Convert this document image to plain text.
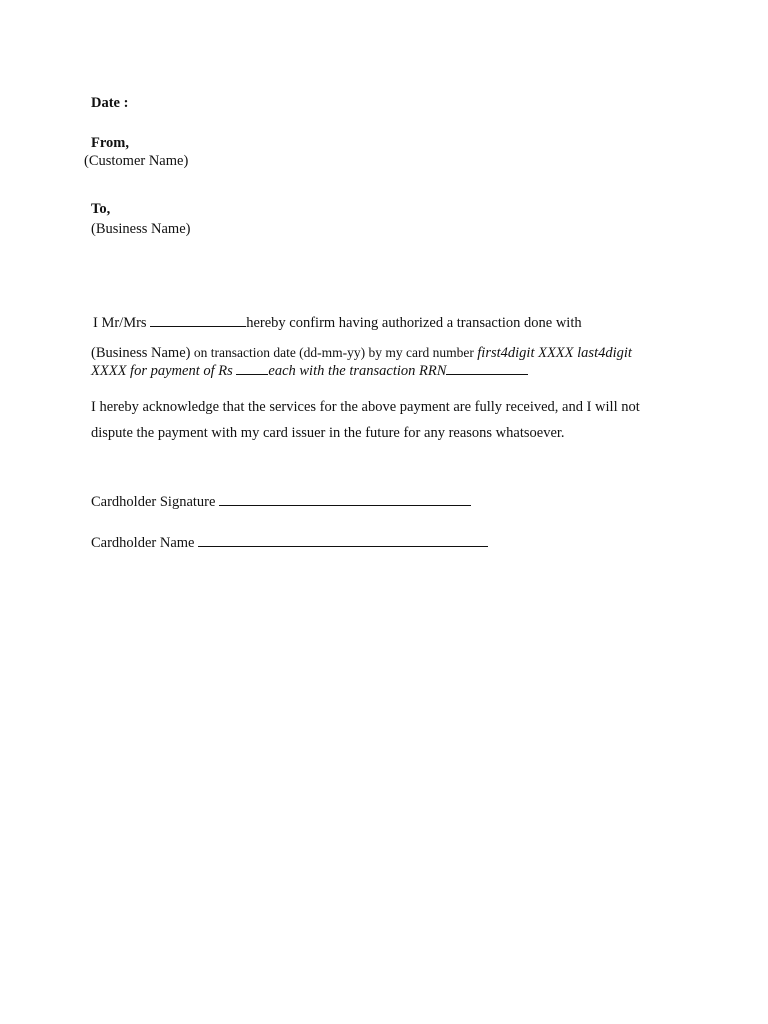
Date :
From,
(Customer Name)
To,
(Business Name)
I Mr/Mrs	hereby confirm having authorized a transaction done with
(Business Name) on transaction date (dd-mm-yy) by my card number first4digit XXXX last4digit
XXXX for payment of Rs each with the transaction RRN
I hereby acknowledge that the services for the above payment are fully received, and I will not
dispute the payment with my card issuer in the future for any reasons whatsoever.
Cardholder Signature
Cardholder Name
